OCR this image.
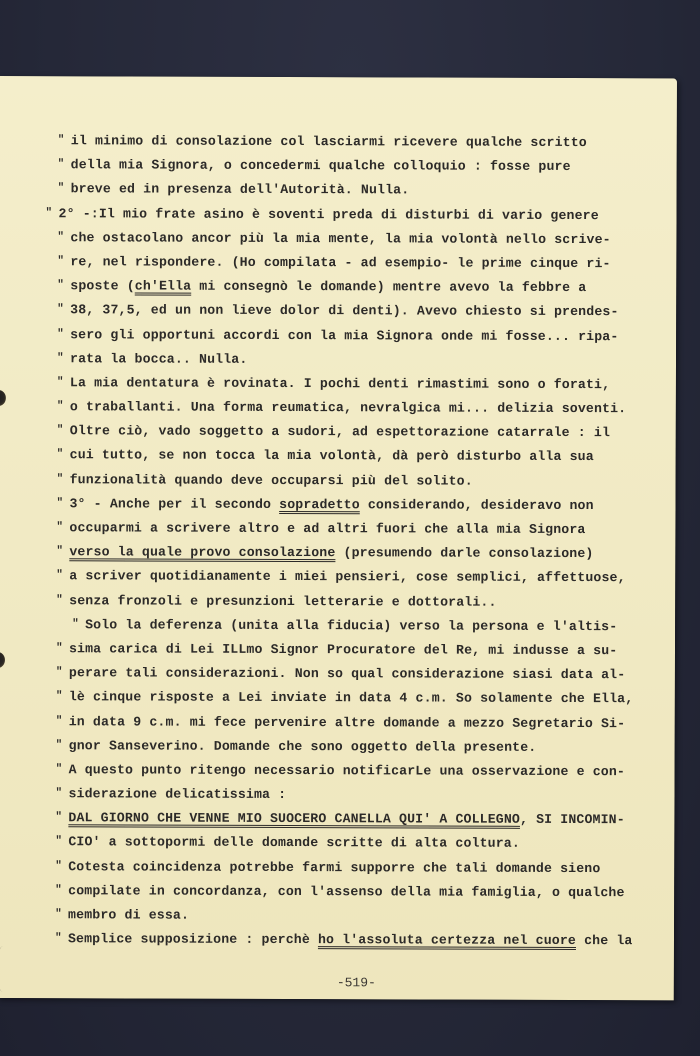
" il minimo di consolazione col lasciarmi ricevere qualche scritto
" della mia Signora, o concedermi qualche colloquio : fosse pure
" breve ed in presenza dell'Autorità. Nulla.
" 2° -:Il mio frate asino è soventi preda di disturbi di vario genere
" che ostacolano ancor più la mia mente, la mia volontà nello scrive-
" re, nel rispondere. (Ho compilata - ad esempio- le prime cinque ri-
" sposte (ch'Ella mi consegnò le domande) mentre avevo la febbre a
" 38, 37,5, ed un non lieve dolor di denti). Avevo chiesto si prendes-
" sero gli opportuni accordi con la mia Signora onde mi fosse... ripa-
" rata la bocca.. Nulla.
" La mia dentatura è rovinata. I pochi denti rimastimi sono o forati,
" o traballanti. Una forma reumatica, nevralgica mi... delizia soventi.
" Oltre ciò, vado soggetto a sudori, ad espettorazione catarrale : il
" cui tutto, se non tocca la mia volontà, dà però disturbo alla sua
" funzionalità quando deve occuparsi più del solito.
" 3° - Anche per il secondo sopradetto considerando, desideravo non
" occuparmi a scrivere altro e ad altri fuori che alla mia Signora
" verso la quale provo consolazione (presumendo darle consolazione)
" a scriver quotidianamente i miei pensieri, cose semplici, affettuose,
" senza fronzoli e presunzioni letterarie e dottorali..
" Solo la deferenza (unita alla fiducia) verso la persona e l'altis-
" sima carica di Lei ILLmo Signor Procuratore del Re, mi indusse a su-
" perare tali considerazioni. Non so qual considerazione siasi data al-
" lè cinque risposte a Lei inviate in data 4 c.m. So solamente che Ella,
" in data 9 c.m. mi fece pervenire altre domande a mezzo Segretario Si-
" gnor Sanseverino. Domande che sono oggetto della presente.
" A questo punto ritengo necessario notificarLe una osservazione e con-
" siderazione delicatissima :
" DAL GIORNO CHE VENNE MIO SUOCERO CANELLA QUI' A COLLEGNO, SI INCOMIN-
" CIO' a sottopormi delle domande scritte di alta coltura.
" Cotesta coincidenza potrebbe farmi supporre che tali domande sieno
" compilate in concordanza, con l'assenso della mia famiglia, o qualche
" membro di essa.
" Semplice supposizione : perchè ho l'assoluta certezza nel cuore che la
-519-
